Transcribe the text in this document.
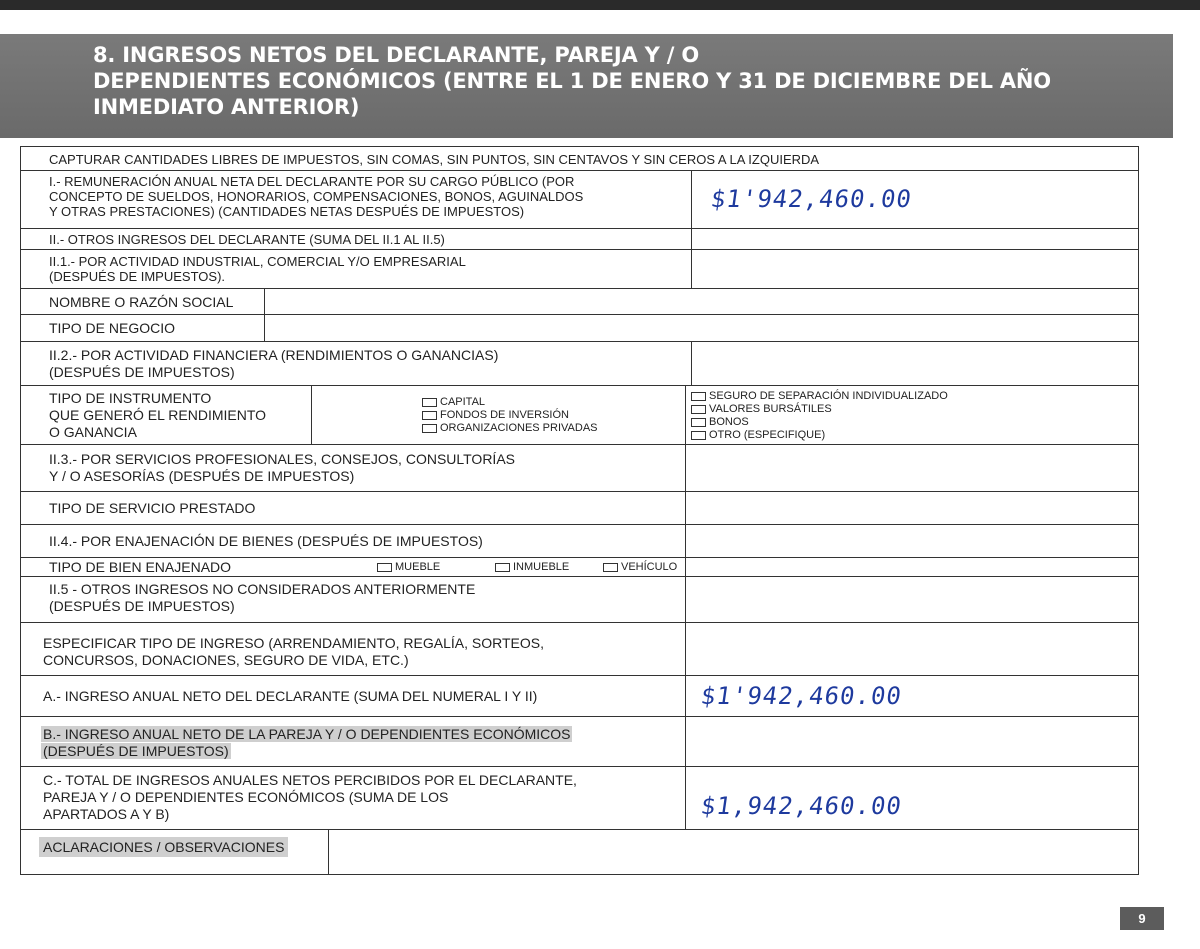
8. INGRESOS NETOS DEL DECLARANTE, PAREJA Y / O
DEPENDIENTES ECONÓMICOS (ENTRE EL 1 DE ENERO Y 31 DE DICIEMBRE DEL AÑO
INMEDIATO ANTERIOR)
CAPTURAR CANTIDADES LIBRES DE IMPUESTOS, SIN COMAS, SIN PUNTOS, SIN CENTAVOS Y SIN CEROS A LA IZQUIERDA
I.- REMUNERACIÓN ANUAL NETA DEL DECLARANTE POR SU CARGO PÚBLICO (POR
CONCEPTO DE SUELDOS, HONORARIOS, COMPENSACIONES, BONOS, AGUINALDOS
Y OTRAS PRESTACIONES) (CANTIDADES NETAS DESPUÉS DE IMPUESTOS)	$1'942,460.00
II.- OTROS INGRESOS DEL DECLARANTE (SUMA DEL II.1 AL II.5)
II.1.- POR ACTIVIDAD INDUSTRIAL, COMERCIAL Y/O EMPRESARIAL
(DESPUÉS DE IMPUESTOS).
NOMBRE O RAZÓN SOCIAL
TIPO DE NEGOCIO
II.2.- POR ACTIVIDAD FINANCIERA (RENDIMIENTOS O GANANCIAS)
(DESPUÉS DE IMPUESTOS)
TIPO DE INSTRUMENTO
QUE GENERÓ EL RENDIMIENTO
O GANANCIA
CAPITAL
FONDOS DE INVERSIÓN
ORGANIZACIONES PRIVADAS
SEGURO DE SEPARACIÓN INDIVIDUALIZADO
VALORES BURSÁTILES
BONOS
OTRO (ESPECIFIQUE)
II.3.- POR SERVICIOS PROFESIONALES, CONSEJOS, CONSULTORÍAS
Y / O ASESORÍAS (DESPUÉS DE IMPUESTOS)
TIPO DE SERVICIO PRESTADO
II.4.- POR ENAJENACIÓN DE BIENES (DESPUÉS DE IMPUESTOS)
TIPO DE BIEN ENAJENADO	MUEBLE	INMUEBLE	VEHÍCULO
II.5 - OTROS INGRESOS NO CONSIDERADOS ANTERIORMENTE
(DESPUÉS DE IMPUESTOS)
ESPECIFICAR TIPO DE INGRESO (ARRENDAMIENTO, REGALÍA, SORTEOS,
CONCURSOS, DONACIONES, SEGURO DE VIDA, ETC.)
A.- INGRESO ANUAL NETO DEL DECLARANTE (SUMA DEL NUMERAL I Y II)	$1'942,460.00
B.- INGRESO ANUAL NETO DE LA PAREJA Y / O DEPENDIENTES ECONÓMICOS
(DESPUÉS DE IMPUESTOS)
C.- TOTAL DE INGRESOS ANUALES NETOS PERCIBIDOS POR EL DECLARANTE,
PAREJA Y / O DEPENDIENTES ECONÓMICOS (SUMA DE LOS
APARTADOS A Y B)	$1,942,460.00
ACLARACIONES / OBSERVACIONES
9
